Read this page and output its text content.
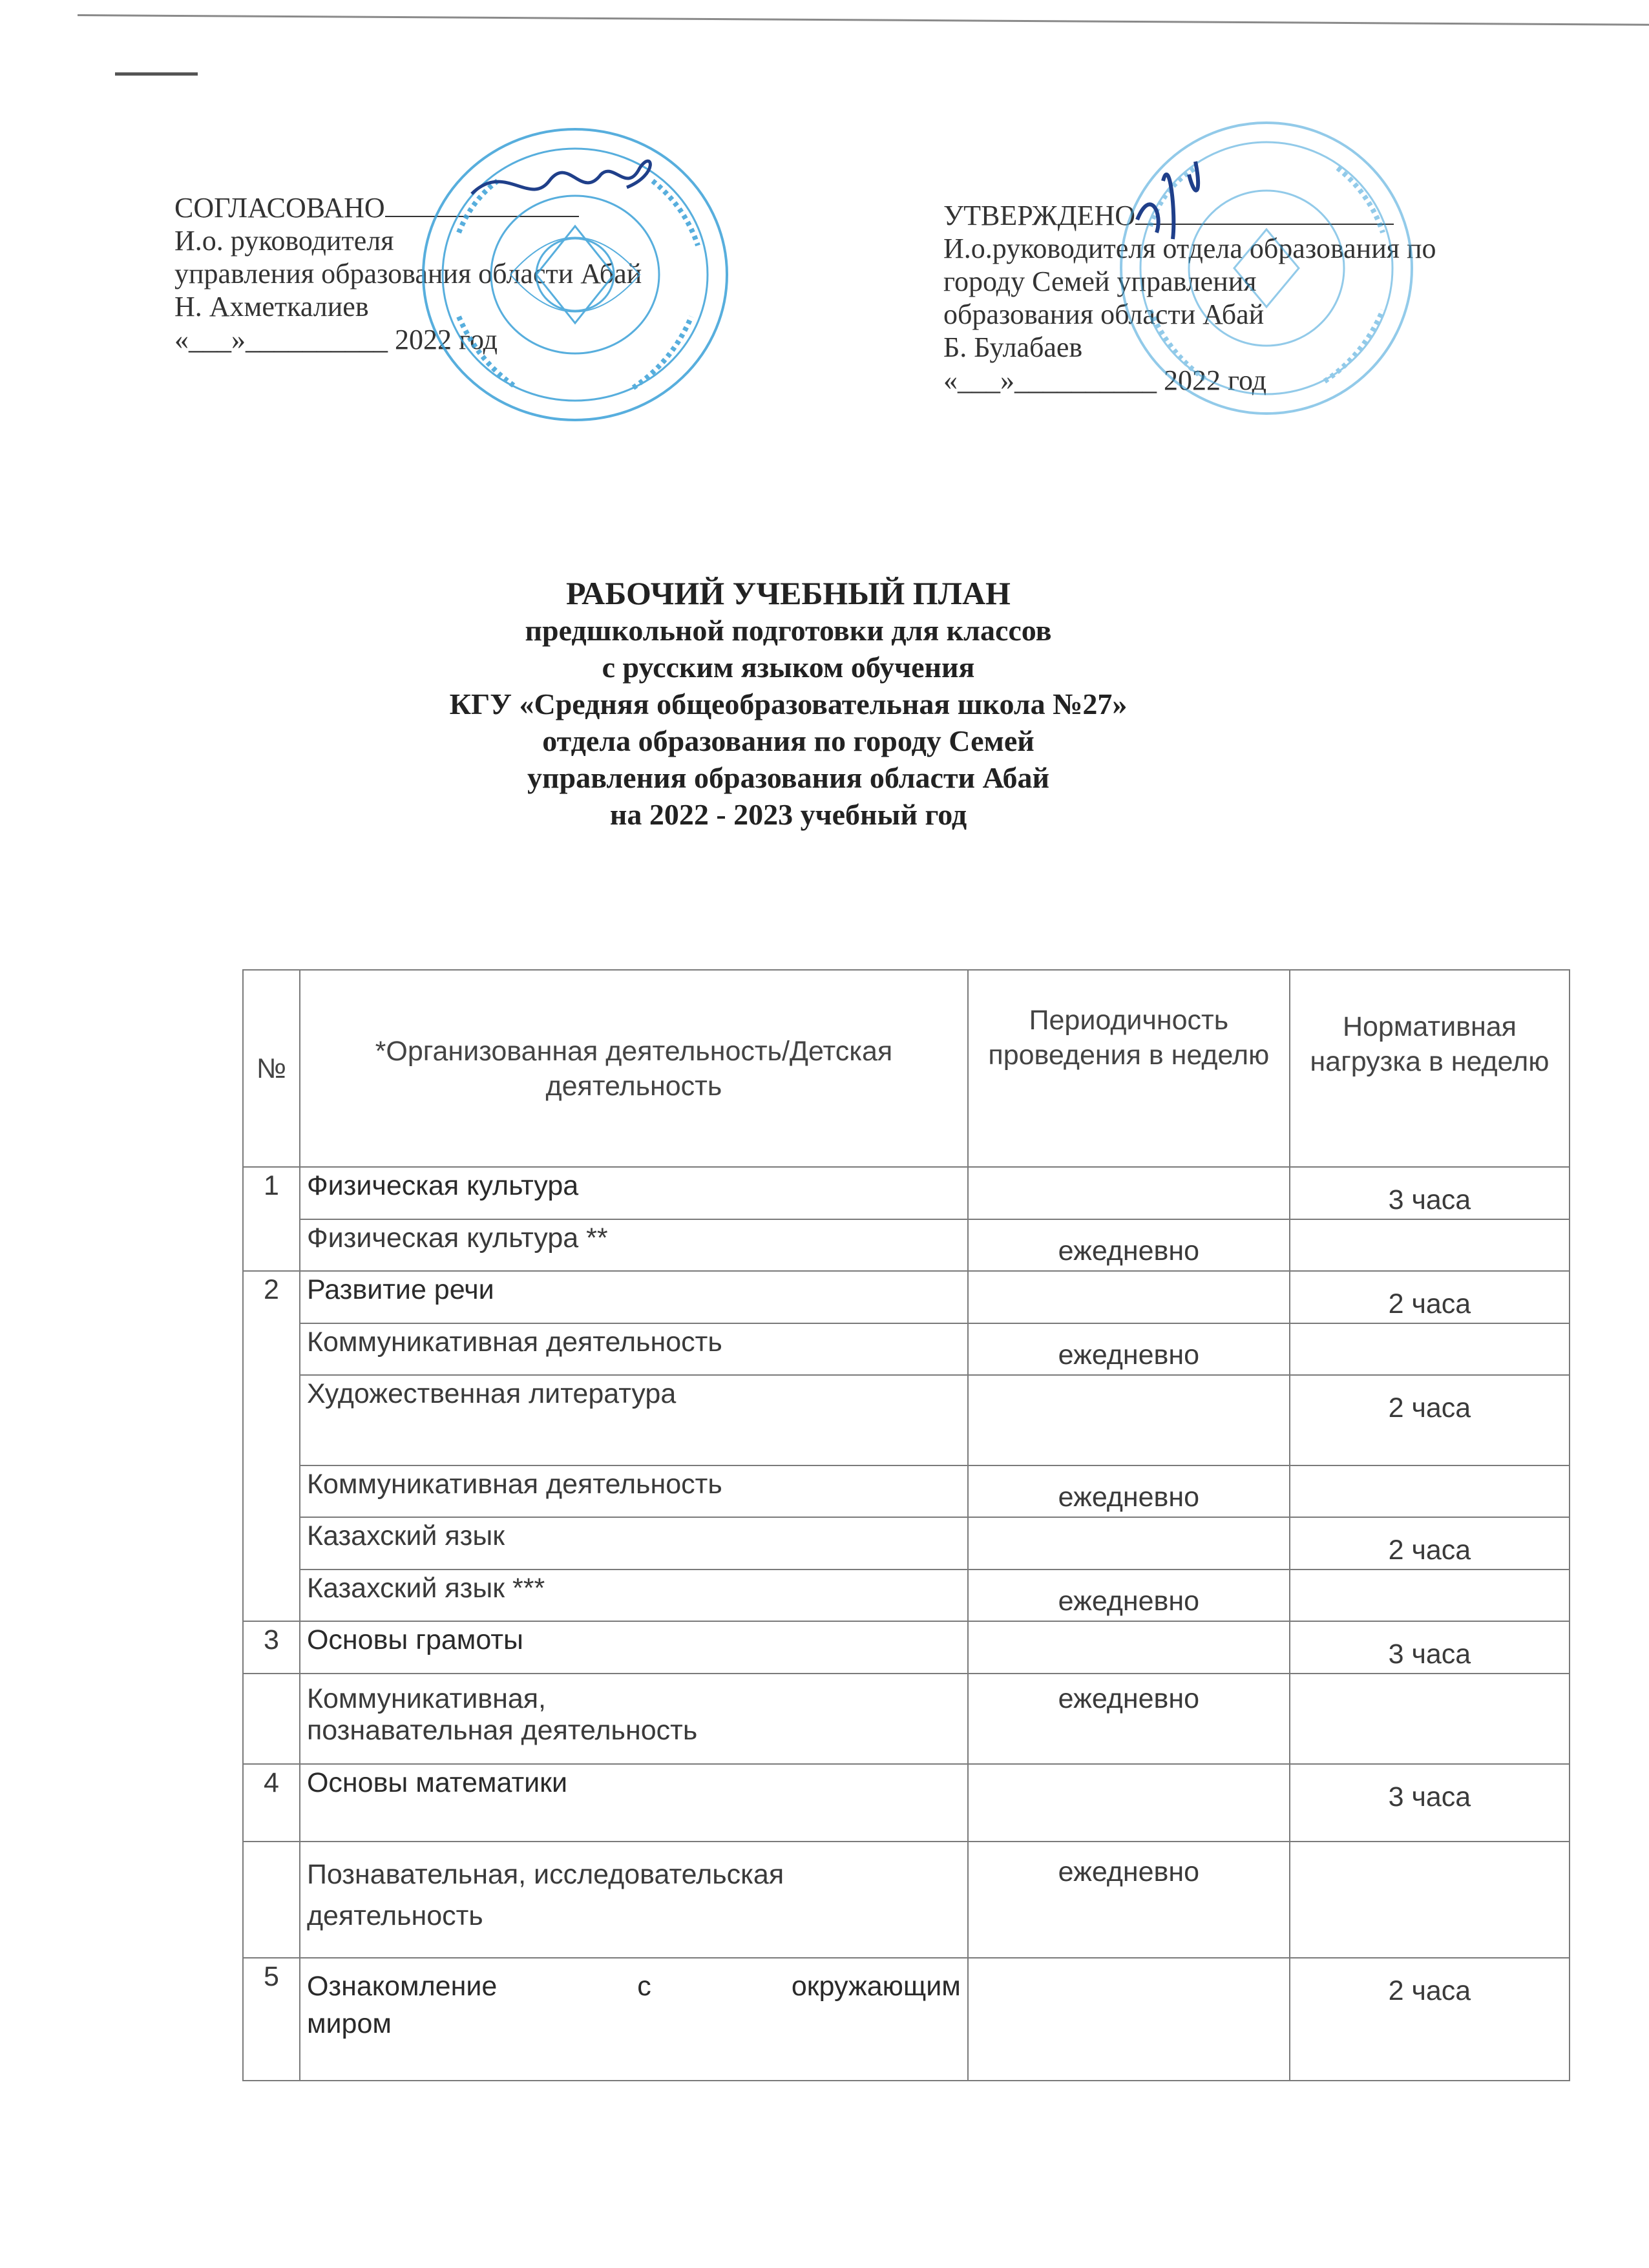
СОГЛАСОВАНО
И.о. руководителя
управления образования области Абай
Н. Ахметкалиев
«___»__________ 2022 год
УТВЕРЖДЕНО
И.о.руководителя отдела образования по
городу Семей управления
образования области Абай
Б. Булабаев
«___»__________ 2022 год
РАБОЧИЙ УЧЕБНЫЙ ПЛАН
предшкольной подготовки для классов
с русским языком обучения
КГУ «Средняя общеобразовательная школа №27»
отдела образования по городу Семей
управления образования области Абай
на 2022 - 2023 учебный год
№	*Организованная деятельность/Детская деятельность	Периодичность проведения в неделю	Нормативная нагрузка в неделю
1	Физическая культура		3 часа
	Физическая культура **	ежедневно	
2	Развитие речи		2 часа
	Коммуникативная деятельность	ежедневно	
	Художественная литература		2 часа
	Коммуникативная деятельность	ежедневно	
	Казахский язык		2 часа
	Казахский язык ***	ежедневно	
3	Основы грамоты		3 часа

	Коммуникативная,
познавательная деятельность	ежедневно	
4	Основы математики		3 часа

	Познавательная, исследовательская
деятельность	ежедневно	
5	Ознакомление с окружающим
миром		2 часа
